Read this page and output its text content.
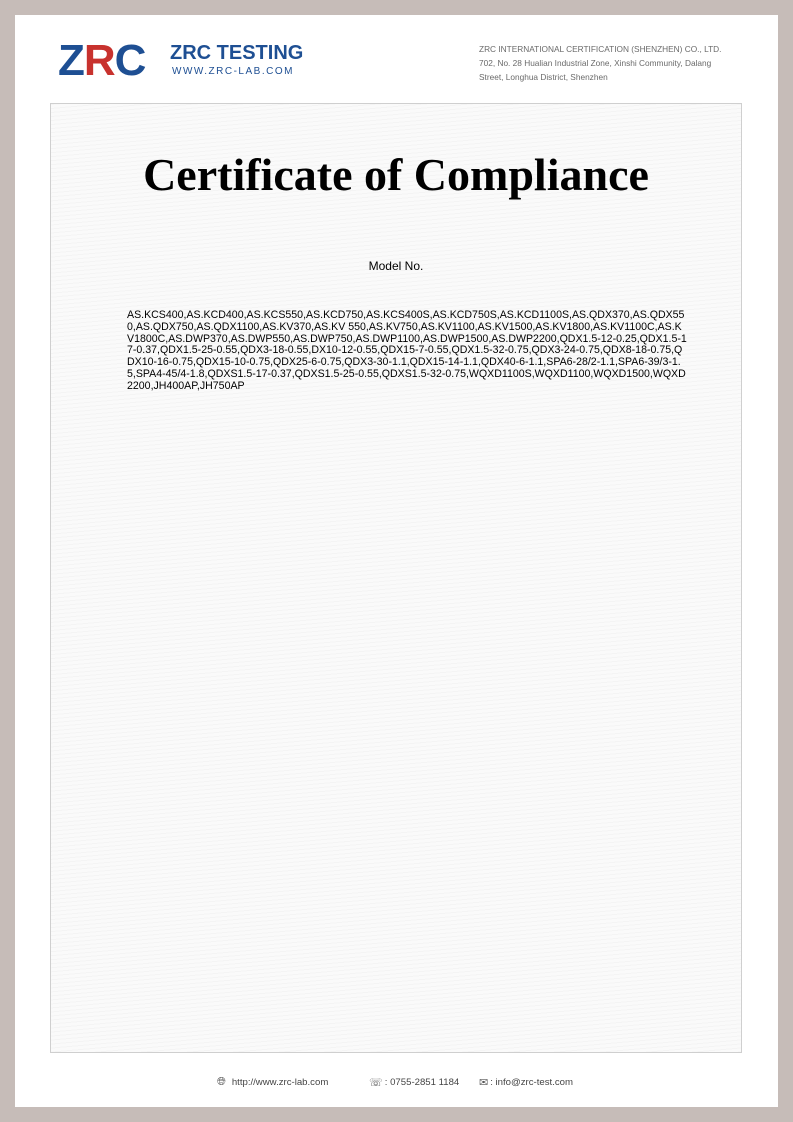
ZRC ZRC TESTING
WWW.ZRC-LAB.COM
ZRC INTERNATIONAL CERTIFICATION (SHENZHEN) CO., LTD.
702, No. 28 Hualian Industrial Zone, Xinshi Community, Dalang
Street, Longhua District, Shenzhen
Certificate of Compliance
Model No.
AS.KCS400,AS.KCD400,AS.KCS550,AS.KCD750,AS.KCS400S,AS.KCD750S,AS.KCD1100S,AS.QDX370,AS.QDX550,AS.QDX750,AS.QDX1100,AS.KV370,AS.KV 550,AS.KV750,AS.KV1100,AS.KV1500,AS.KV1800,AS.KV1100C,AS.KV1800C,AS.DWP370,AS.DWP550,AS.DWP750,AS.DWP1100,AS.DWP1500,AS.DWP2200,QDX1.5-12-0.25,QDX1.5-17-0.37,QDX1.5-25-0.55,QDX3-18-0.55,DX10-12-0.55,QDX15-7-0.55,QDX1.5-32-0.75,QDX3-24-0.75,QDX8-18-0.75,QDX10-16-0.75,QDX15-10-0.75,QDX25-6-0.75,QDX3-30-1.1,QDX15-14-1.1,QDX40-6-1.1,SPA6-28/2-1.1,SPA6-39/3-1.5,SPA4-45/4-1.8,QDXS1.5-17-0.37,QDXS1.5-25-0.55,QDXS1.5-32-0.75,WQXD1100S,WQXD1100,WQXD1500,WQXD2200,JH400AP,JH750AP
🌐︎ http://www.zrc-lab.com	☏ : 0755-2851 1184 ✉ : info@zrc-test.com
